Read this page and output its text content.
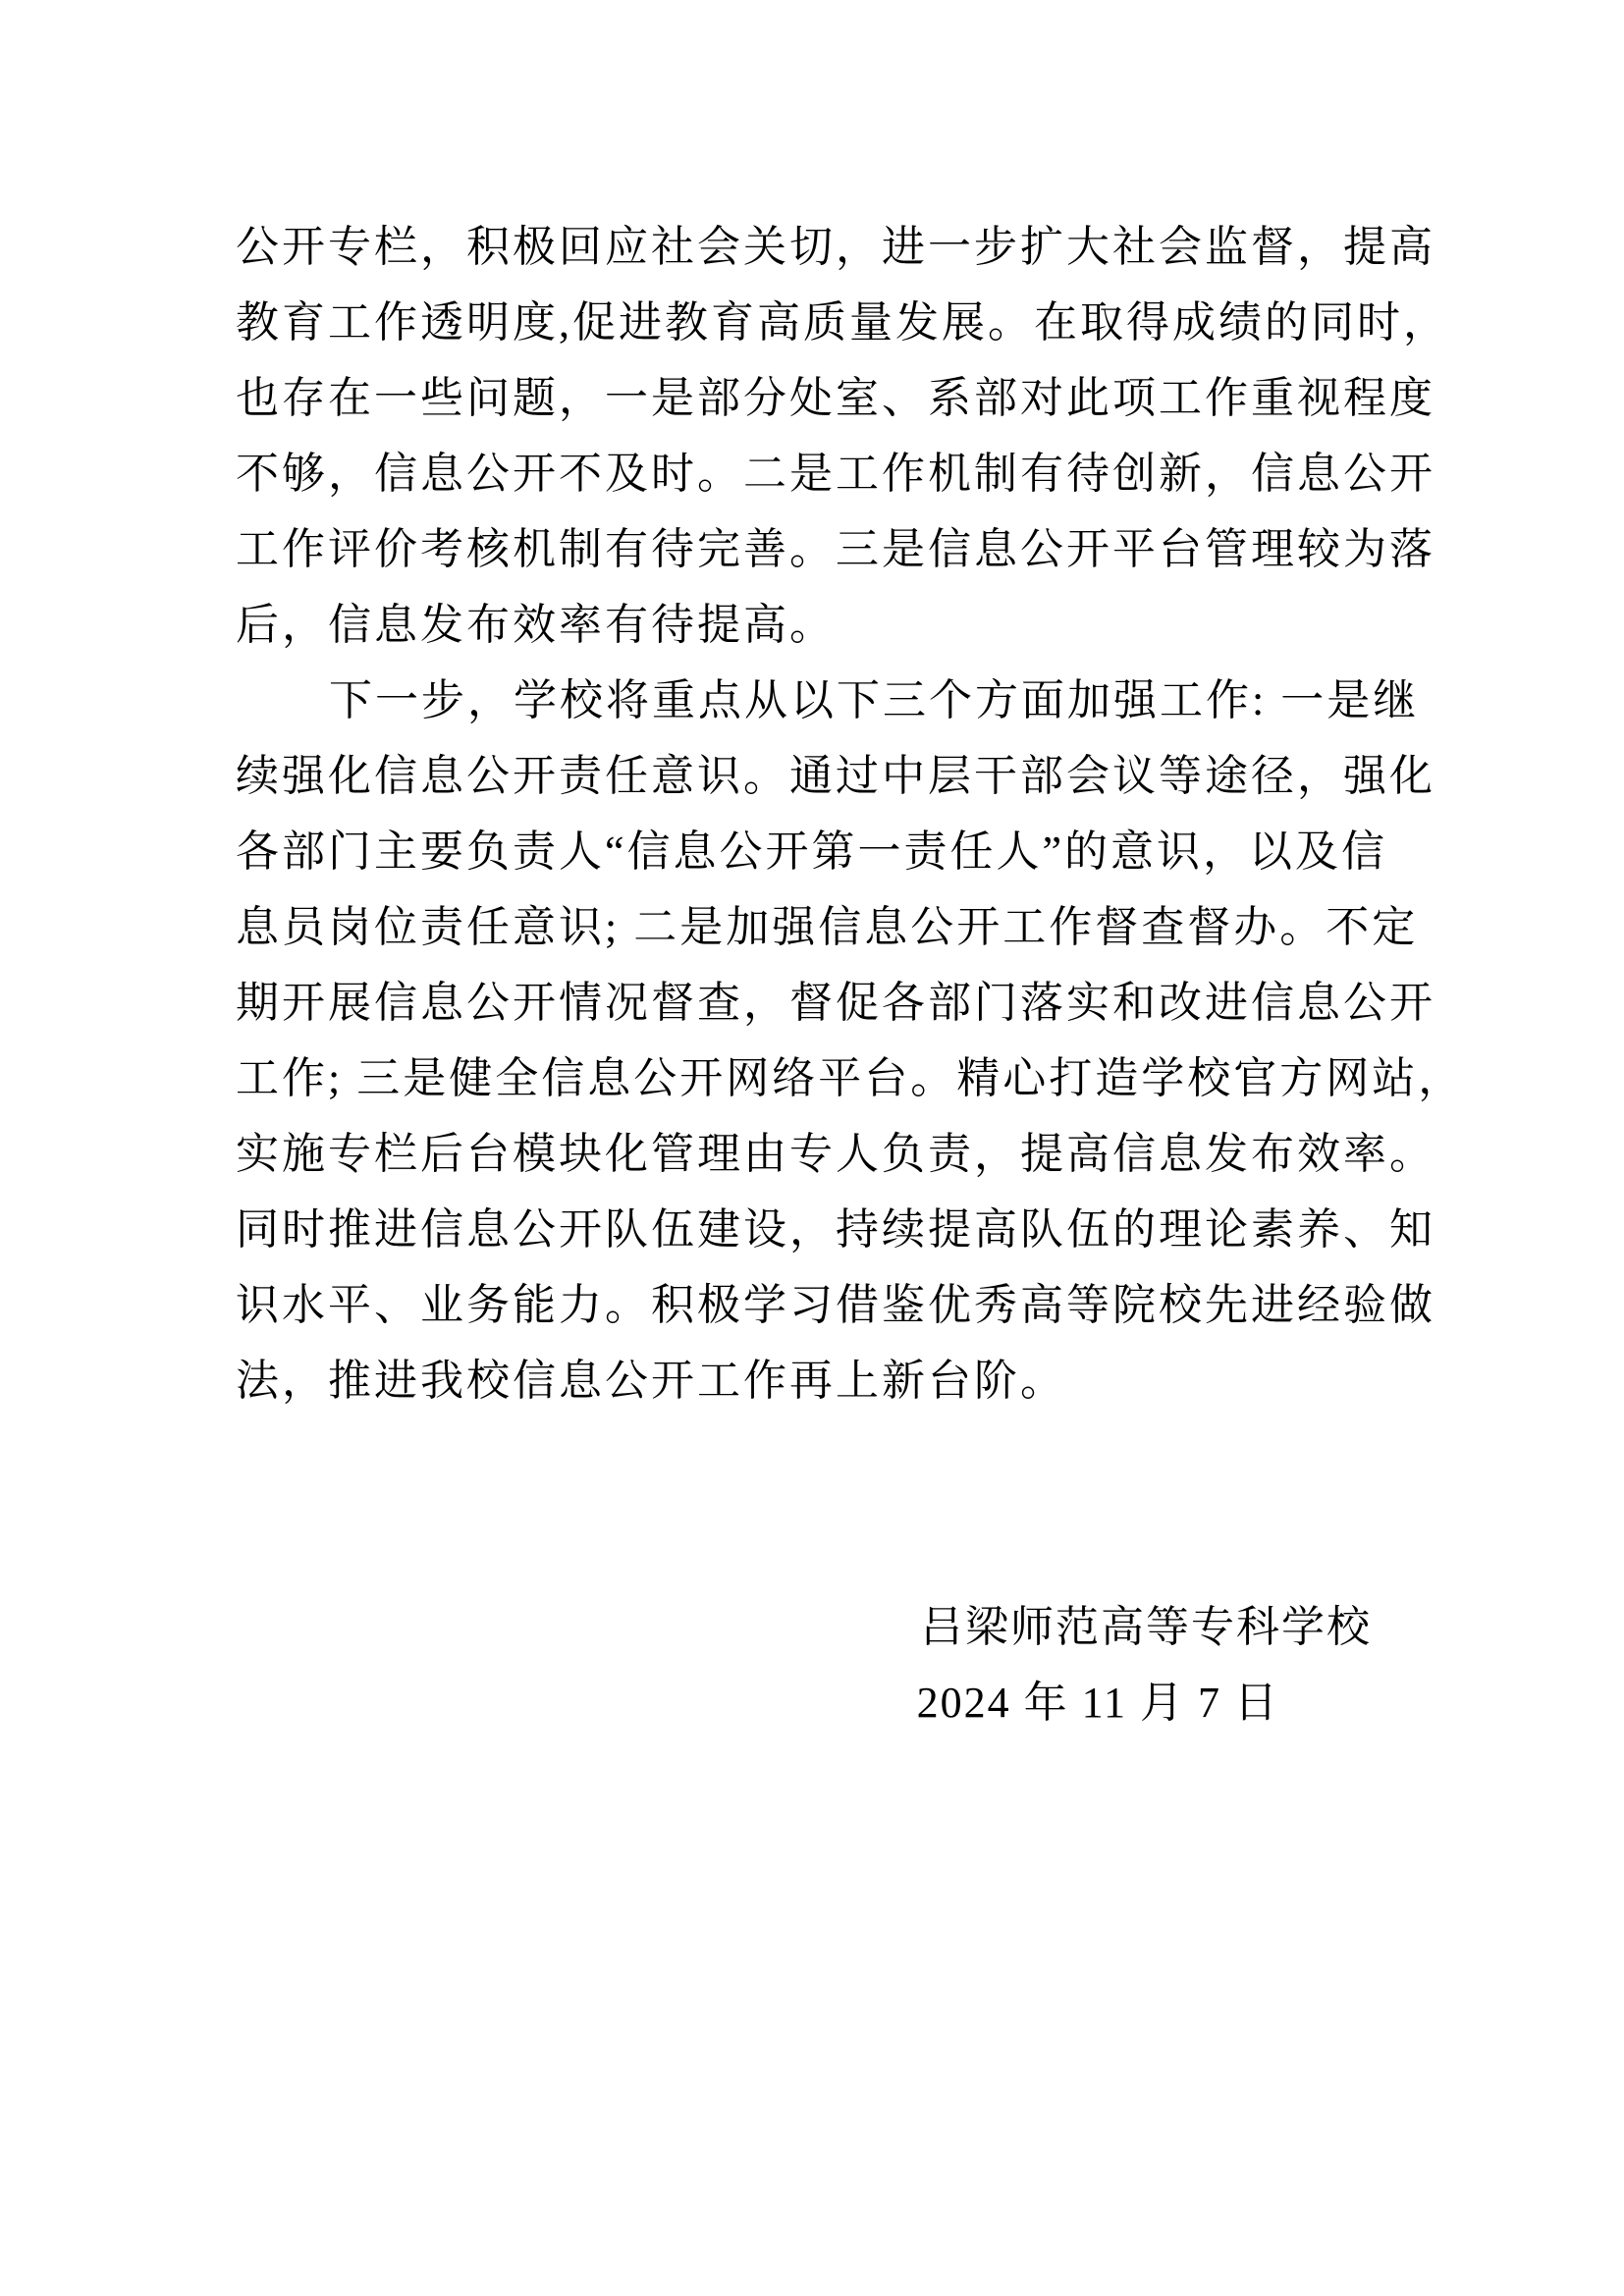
公开专栏，积极回应社会关切，进一步扩大社会监督，提高
教育工作透明度,促进教育高质量发展。在取得成绩的同时，
也存在一些问题，一是部分处室、系部对此项工作重视程度
不够，信息公开不及时。二是工作机制有待创新，信息公开
工作评价考核机制有待完善。三是信息公开平台管理较为落
后，信息发布效率有待提高。
下一步，学校将重点从以下三个方面加强工作: 一是继
续强化信息公开责任意识。通过中层干部会议等途径，强化
各部门主要负责人“信息公开第一责任人”的意识，以及信
息员岗位责任意识; 二是加强信息公开工作督查督办。不定
期开展信息公开情况督查，督促各部门落实和改进信息公开
工作; 三是健全信息公开网络平台。精心打造学校官方网站，
实施专栏后台模块化管理由专人负责，提高信息发布效率。
同时推进信息公开队伍建设，持续提高队伍的理论素养、知
识水平、业务能力。积极学习借鉴优秀高等院校先进经验做
法，推进我校信息公开工作再上新台阶。
吕梁师范高等专科学校
2024 年 11 月 7 日
